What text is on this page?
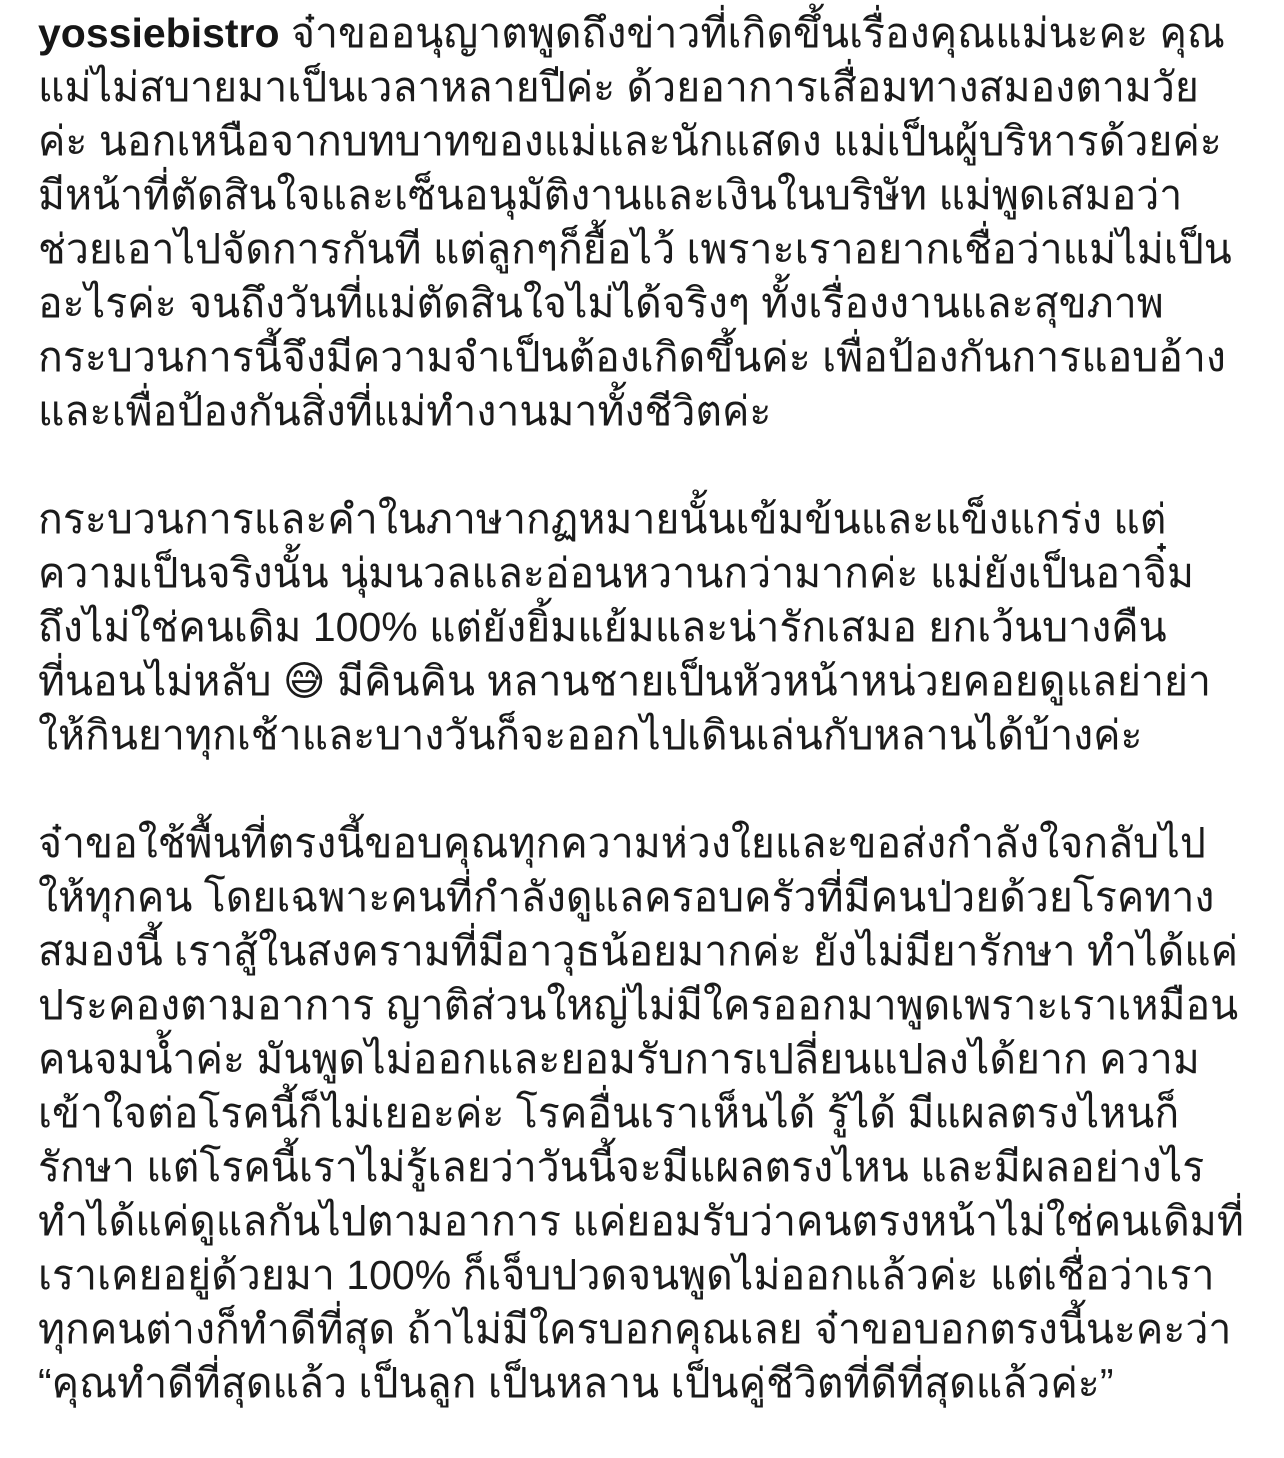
yossiebistro จ๋าขออนุญาตพูดถึงข่าวที่เกิดขึ้นเรื่องคุณแม่นะคะ คุณแม่ไม่สบายมาเป็นเวลาหลายปีค่ะ ด้วยอาการเสื่อมทางสมองตามวัยค่ะ นอกเหนือจากบทบาทของแม่และนักแสดง แม่เป็นผู้บริหารด้วยค่ะ มีหน้าที่ตัดสินใจและเซ็นอนุมัติงานและเงินในบริษัท แม่พูดเสมอว่าช่วยเอาไปจัดการกันที แต่ลูกๆก็ยื้อไว้ เพราะเราอยากเชื่อว่าแม่ไม่เป็นอะไรค่ะ จนถึงวันที่แม่ตัดสินใจไม่ได้จริงๆ ทั้งเรื่องงานและสุขภาพ กระบวนการนี้จึงมีความจำเป็นต้องเกิดขึ้นค่ะ เพื่อป้องกันการแอบอ้างและเพื่อป้องกันสิ่งที่แม่ทำงานมาทั้งชีวิตค่ะ

กระบวนการและคำในภาษากฏหมายนั้นเข้มข้นและแข็งแกร่ง แต่ความเป็นจริงนั้น นุ่มนวลและอ่อนหวานกว่ามากค่ะ แม่ยังเป็นอาจิ๋ม ถึงไม่ใช่คนเดิม 100% แต่ยังยิ้มแย้มและน่ารักเสมอ ยกเว้นบางคืนที่นอนไม่หลับ 😅 มีคินคิน หลานชายเป็นหัวหน้าหน่วยคอยดูแลย่าย่าให้กินยาทุกเช้าและบางวันก็จะออกไปเดินเล่นกับหลานได้บ้างค่ะ

จ๋าขอใช้พื้นที่ตรงนี้ขอบคุณทุกความห่วงใยและขอส่งกำลังใจกลับไปให้ทุกคน โดยเฉพาะคนที่กำลังดูแลครอบครัวที่มีคนป่วยด้วยโรคทางสมองนี้ เราสู้ในสงครามที่มีอาวุธน้อยมากค่ะ ยังไม่มียารักษา ทำได้แค่ประคองตามอาการ ญาติส่วนใหญ่ไม่มีใครออกมาพูดเพราะเราเหมือนคนจมน้ำค่ะ มันพูดไม่ออกและยอมรับการเปลี่ยนแปลงได้ยาก ความเข้าใจต่อโรคนี้ก็ไม่เยอะค่ะ โรคอื่นเราเห็นได้ รู้ได้ มีแผลตรงไหนก็รักษา แต่โรคนี้เราไม่รู้เลยว่าวันนี้จะมีแผลตรงไหน และมีผลอย่างไร ทำได้แค่ดูแลกันไปตามอาการ แค่ยอมรับว่าคนตรงหน้าไม่ใช่คนเดิมที่เราเคยอยู่ด้วยมา 100% ก็เจ็บปวดจนพูดไม่ออกแล้วค่ะ แต่เชื่อว่าเราทุกคนต่างก็ทำดีที่สุด ถ้าไม่มีใครบอกคุณเลย จ๋าขอบอกตรงนี้นะคะว่า “คุณทำดีที่สุดแล้ว เป็นลูก เป็นหลาน เป็นคู่ชีวิตที่ดีที่สุดแล้วค่ะ”
